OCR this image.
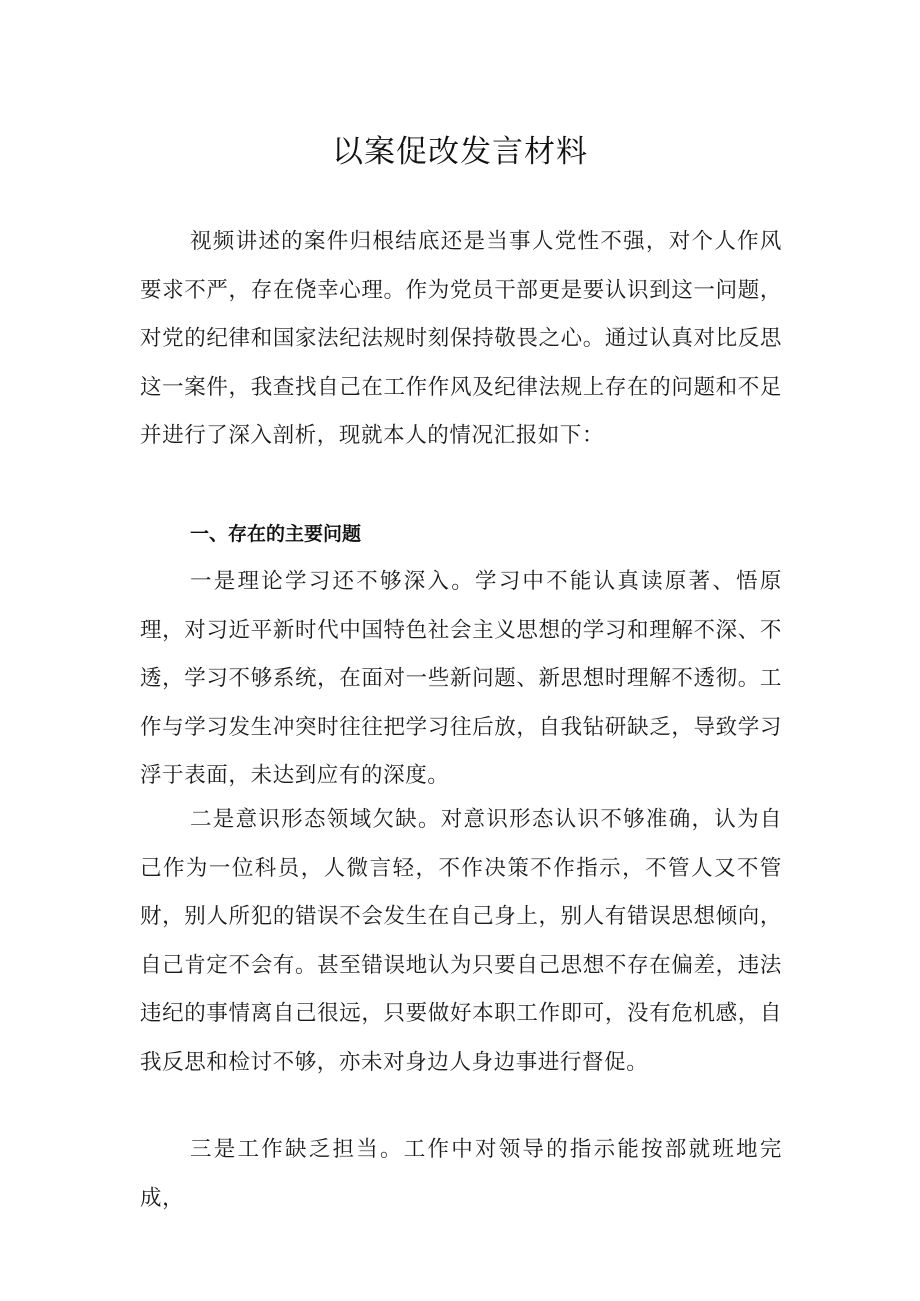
以案促改发言材料

视频讲述的案件归根结底还是当事人党性不强，对个人作风要求不严，存在侥幸心理。作为党员干部更是要认识到这一问题，对党的纪律和国家法纪法规时刻保持敬畏之心。通过认真对比反思这一案件，我查找自己在工作作风及纪律法规上存在的问题和不足并进行了深入剖析，现就本人的情况汇报如下：

一、存在的主要问题

一是理论学习还不够深入。学习中不能认真读原著、悟原理，对习近平新时代中国特色社会主义思想的学习和理解不深、不透，学习不够系统，在面对一些新问题、新思想时理解不透彻。工作与学习发生冲突时往往把学习往后放，自我钻研缺乏，导致学习浮于表面，未达到应有的深度。

二是意识形态领域欠缺。对意识形态认识不够准确，认为自己作为一位科员，人微言轻，不作决策不作指示，不管人又不管财，别人所犯的错误不会发生在自己身上，别人有错误思想倾向，自己肯定不会有。甚至错误地认为只要自己思想不存在偏差，违法违纪的事情离自己很远，只要做好本职工作即可，没有危机感，自我反思和检讨不够，亦未对身边人身边事进行督促。

三是工作缺乏担当。工作中对领导的指示能按部就班地完成，
